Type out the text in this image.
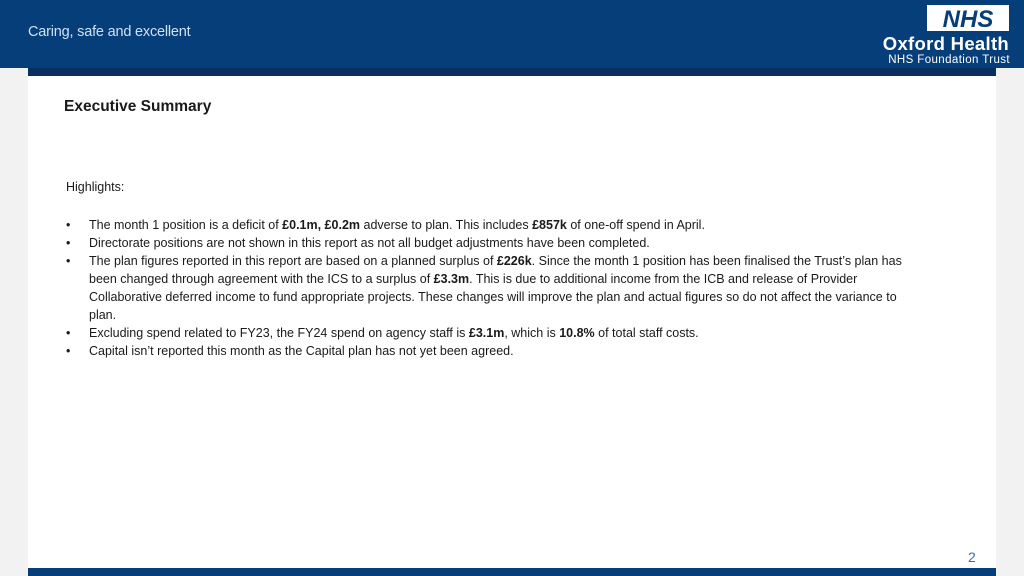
Caring, safe and excellent	NHS
Oxford Health
NHS Foundation Trust
Executive Summary
Highlights:
•	The month 1 position is a deficit of £0.1m, £0.2m adverse to plan. This includes £857k of one-off spend in April.
•	Directorate positions are not shown in this report as not all budget adjustments have been completed.
•	The plan figures reported in this report are based on a planned surplus of £226k. Since the month 1 position has been finalised the Trust’s plan has been changed through agreement with the ICS to a surplus of £3.3m. This is due to additional income from the ICB and release of Provider Collaborative deferred income to fund appropriate projects. These changes will improve the plan and actual figures so do not affect the variance to plan.
•	Excluding spend related to FY23, the FY24 spend on agency staff is £3.1m, which is 10.8% of total staff costs.
•	Capital isn’t reported this month as the Capital plan has not yet been agreed.
2
